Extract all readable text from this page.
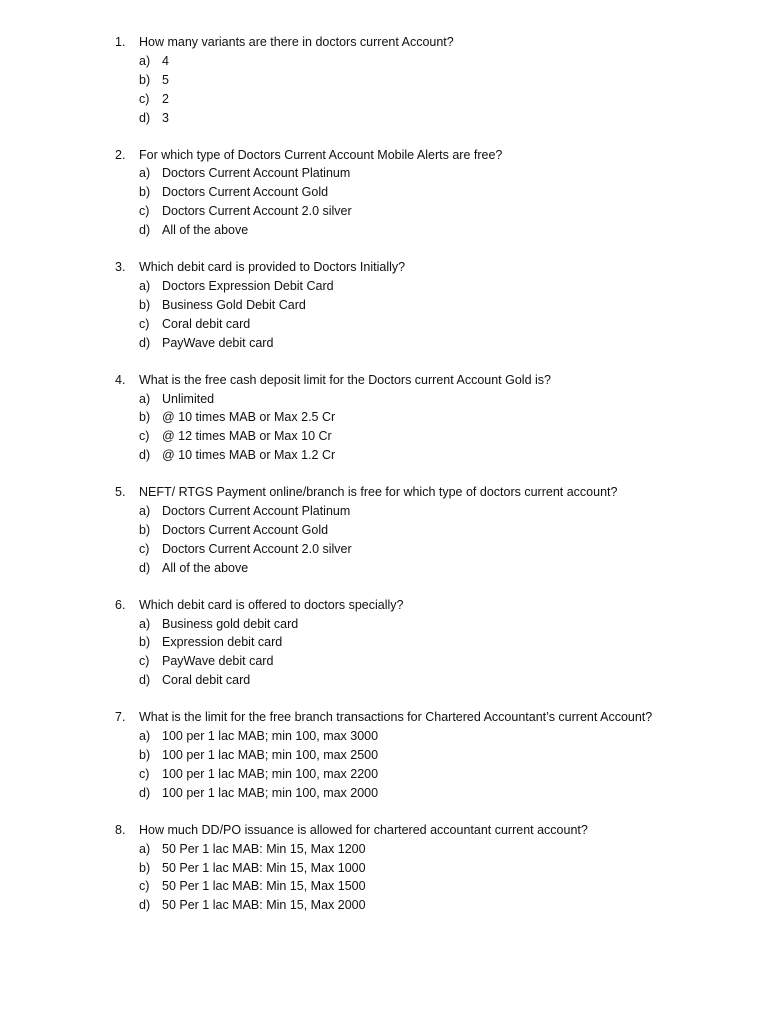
1.	How many variants are there in doctors current Account?
a) 4
b) 5
c)	2
d) 3
2.	For which type of Doctors Current Account Mobile Alerts are free?
a) Doctors Current Account Platinum
b) Doctors Current Account Gold
c)	Doctors Current Account 2.0 silver
d) All of the above
3.	Which debit card is provided to Doctors Initially?
a) Doctors Expression Debit Card
b) Business Gold Debit Card
c)	Coral debit card
d) PayWave debit card
4.	What is the free cash deposit limit for the Doctors current Account Gold is?
a) Unlimited
b) @ 10 times MAB or Max 2.5 Cr
c)	@ 12 times MAB or Max 10 Cr
d) @ 10 times MAB or Max 1.2 Cr
5.	NEFT/ RTGS Payment online/branch is free for which type of doctors current account?
a) Doctors Current Account Platinum
b) Doctors Current Account Gold
c)	Doctors Current Account 2.0 silver
d) All of the above
6.	Which debit card is offered to doctors specially?
a) Business gold debit card
b) Expression debit card
c)	PayWave debit card
d) Coral debit card
7.	What is the limit for the free branch transactions for Chartered Accountant’s current Account?
a) 100 per 1 lac MAB; min 100, max 3000
b) 100 per 1 lac MAB; min 100, max 2500
c)	100 per 1 lac MAB; min 100, max 2200
d) 100 per 1 lac MAB; min 100, max 2000
8.	How much DD/PO issuance is allowed for chartered accountant current account?
a) 50 Per 1 lac MAB: Min 15, Max 1200
b) 50 Per 1 lac MAB: Min 15, Max 1000
c)	50 Per 1 lac MAB: Min 15, Max 1500
d) 50 Per 1 lac MAB: Min 15, Max 2000
